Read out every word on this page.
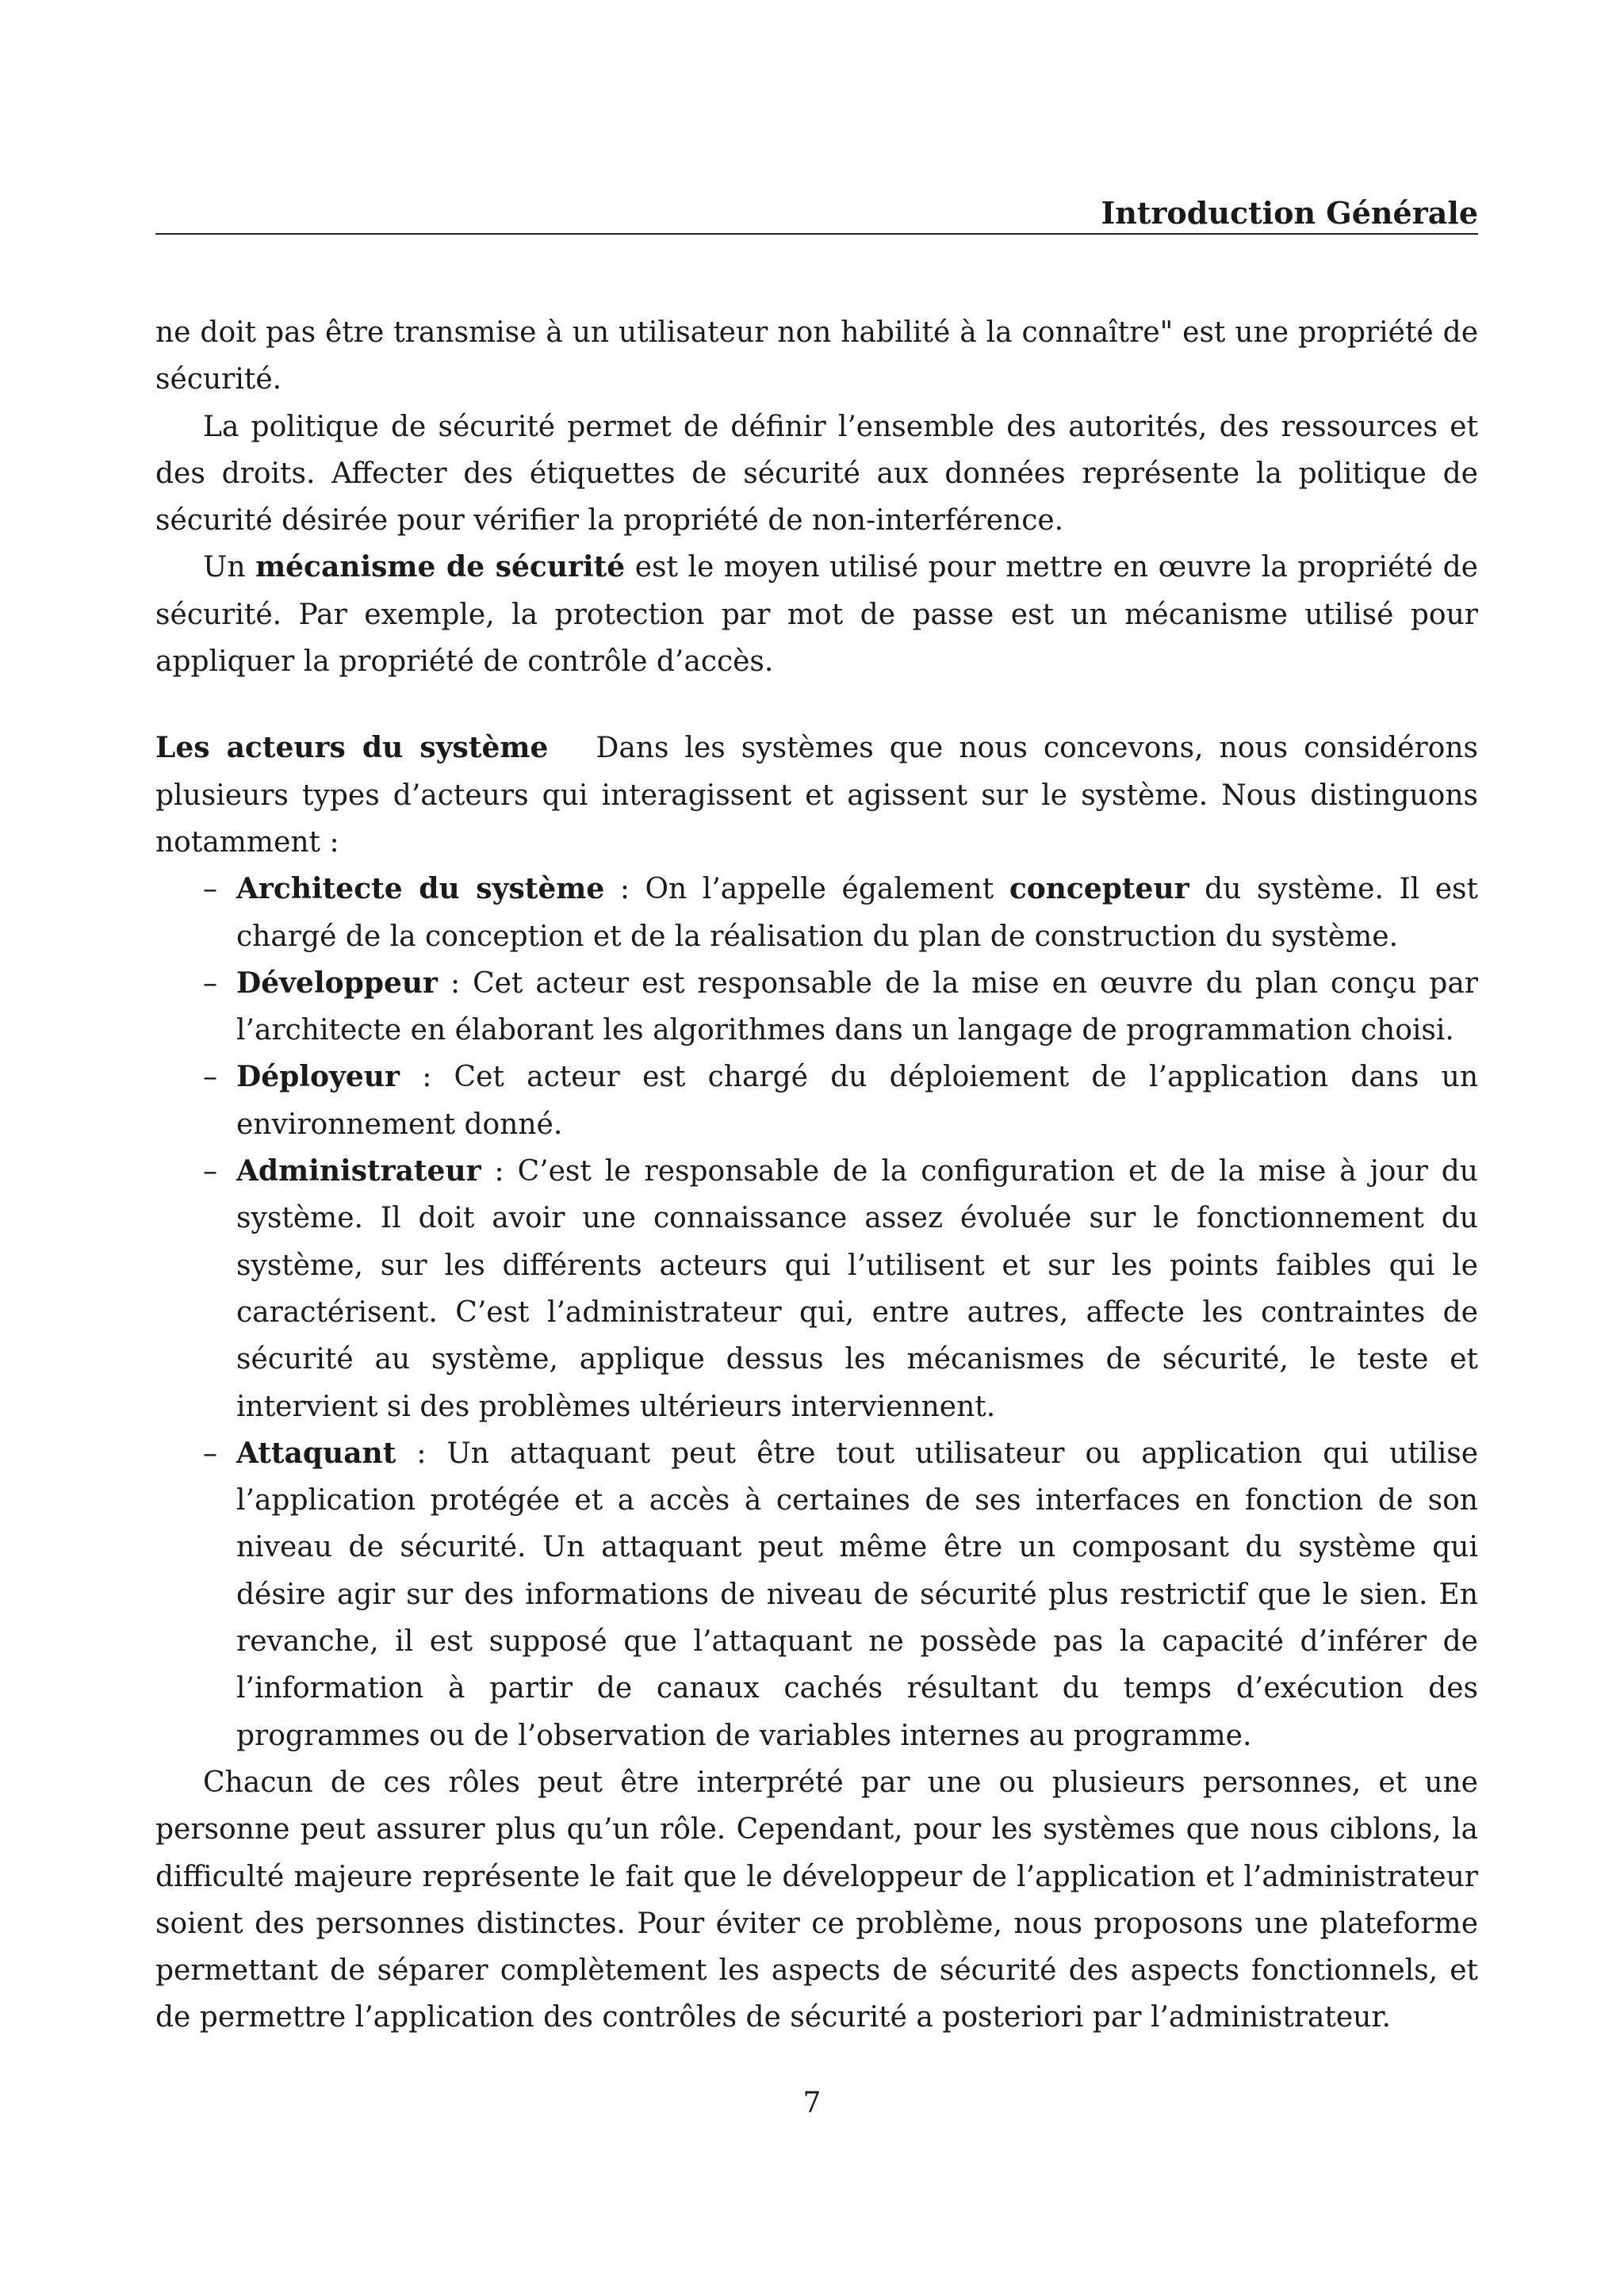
Introduction Générale

ne doit pas être transmise à un utilisateur non habilité à la connaître" est une propriété de sécurité.

La politique de sécurité permet de définir l’ensemble des autorités, des ressources et des droits. Affecter des étiquettes de sécurité aux données représente la politique de sécurité désirée pour vérifier la propriété de non-interférence.

Un mécanisme de sécurité est le moyen utilisé pour mettre en œuvre la propriété de sécurité. Par exemple, la protection par mot de passe est un mécanisme utilisé pour appliquer la propriété de contrôle d’accès.

Les acteurs du système Dans les systèmes que nous concevons, nous considérons plusieurs types d’acteurs qui interagissent et agissent sur le système. Nous distinguons notamment :

– Architecte du système : On l’appelle également concepteur du système. Il est chargé de la conception et de la réalisation du plan de construction du système.
– Développeur : Cet acteur est responsable de la mise en œuvre du plan conçu par l’architecte en élaborant les algorithmes dans un langage de programmation choisi.
– Déployeur : Cet acteur est chargé du déploiement de l’application dans un environnement donné.
– Administrateur : C’est le responsable de la configuration et de la mise à jour du système. Il doit avoir une connaissance assez évoluée sur le fonctionnement du système, sur les différents acteurs qui l’utilisent et sur les points faibles qui le caractérisent. C’est l’administrateur qui, entre autres, affecte les contraintes de sécurité au système, applique dessus les mécanismes de sécurité, le teste et intervient si des problèmes ultérieurs interviennent.
– Attaquant : Un attaquant peut être tout utilisateur ou application qui utilise l’application protégée et a accès à certaines de ses interfaces en fonction de son niveau de sécurité. Un attaquant peut même être un composant du système qui désire agir sur des informations de niveau de sécurité plus restrictif que le sien. En revanche, il est supposé que l’attaquant ne possède pas la capacité d’inférer de l’information à partir de canaux cachés résultant du temps d’exécution des programmes ou de l’observation de variables internes au programme.

Chacun de ces rôles peut être interprété par une ou plusieurs personnes, et une personne peut assurer plus qu’un rôle. Cependant, pour les systèmes que nous ciblons, la difficulté majeure représente le fait que le développeur de l’application et l’administrateur soient des personnes distinctes. Pour éviter ce problème, nous proposons une plateforme permettant de séparer complètement les aspects de sécurité des aspects fonctionnels, et de permettre l’application des contrôles de sécurité a posteriori par l’administrateur.

7
